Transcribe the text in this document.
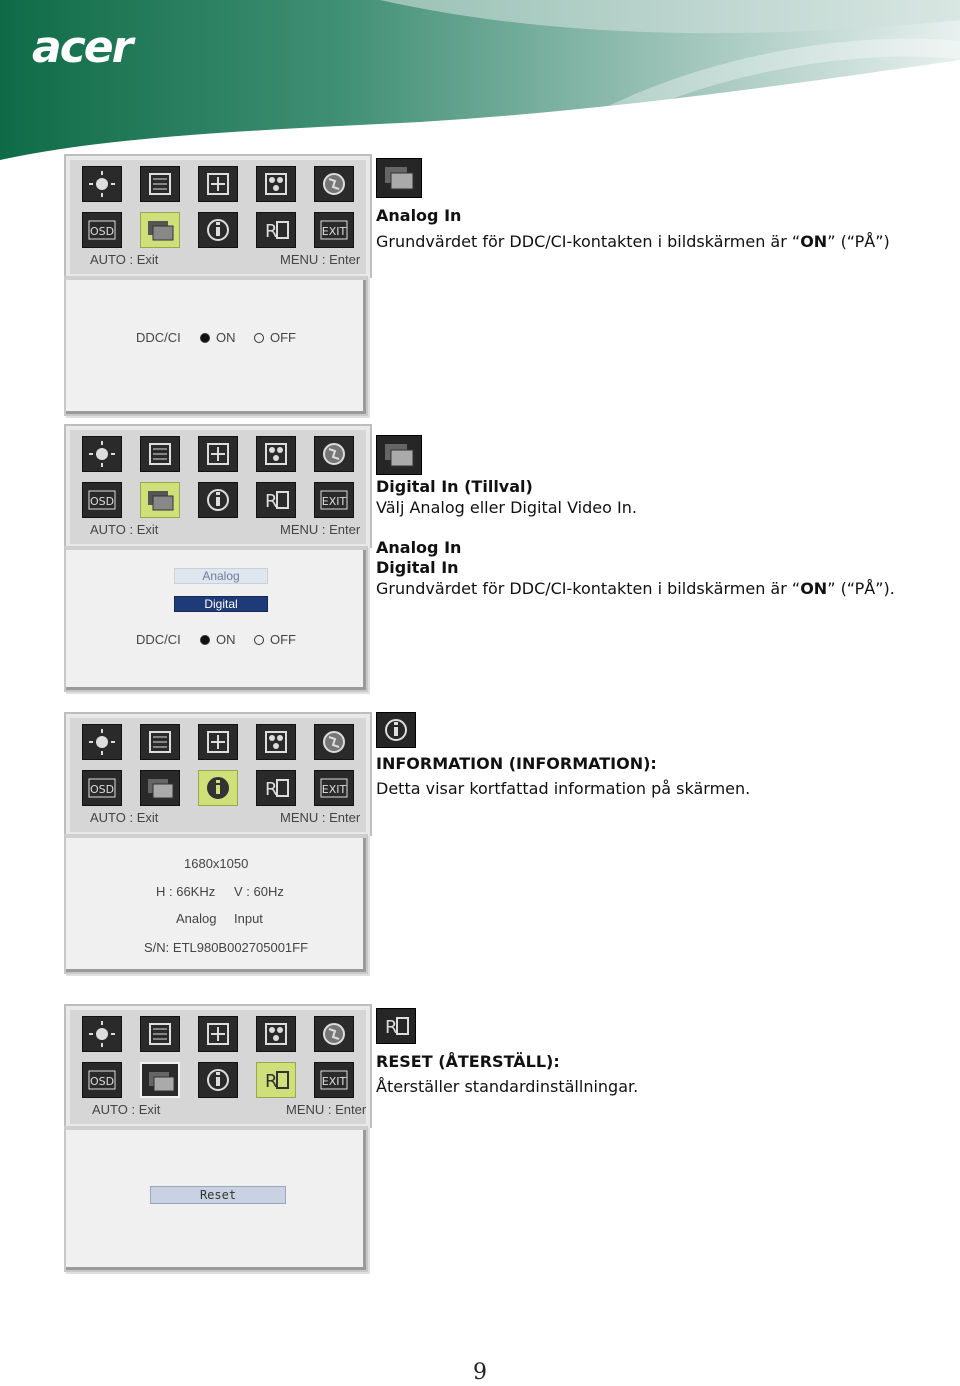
acer
OSD	R	EXIT
AUTO : Exit	MENU : Enter
DDC/CI	ON	OFF
Analog In
Grundvärdet för DDC/CI-kontakten i bildskärmen är “ON” (“PÅ”)
OSD	R	EXIT
AUTO : Exit	MENU : Enter
Analog
Digital
DDC/CI	ON	OFF
Digital In (Tillval)
Välj Analog eller Digital Video In.
Analog In
Digital In
Grundvärdet för DDC/CI-kontakten i bildskärmen är “ON” (“PÅ”).
OSD	R	EXIT
AUTO : Exit	MENU : Enter
1680x1050
H : 66KHz V : 60Hz
Analog Input
S/N: ETL980B002705001FF
INFORMATION (INFORMATION):
Detta visar kortfattad information på skärmen.
OSD	R	EXIT
AUTO : Exit	MENU : Enter
Reset
R
RESET (ÅTERSTÄLL):
Återställer standardinställningar.
9
